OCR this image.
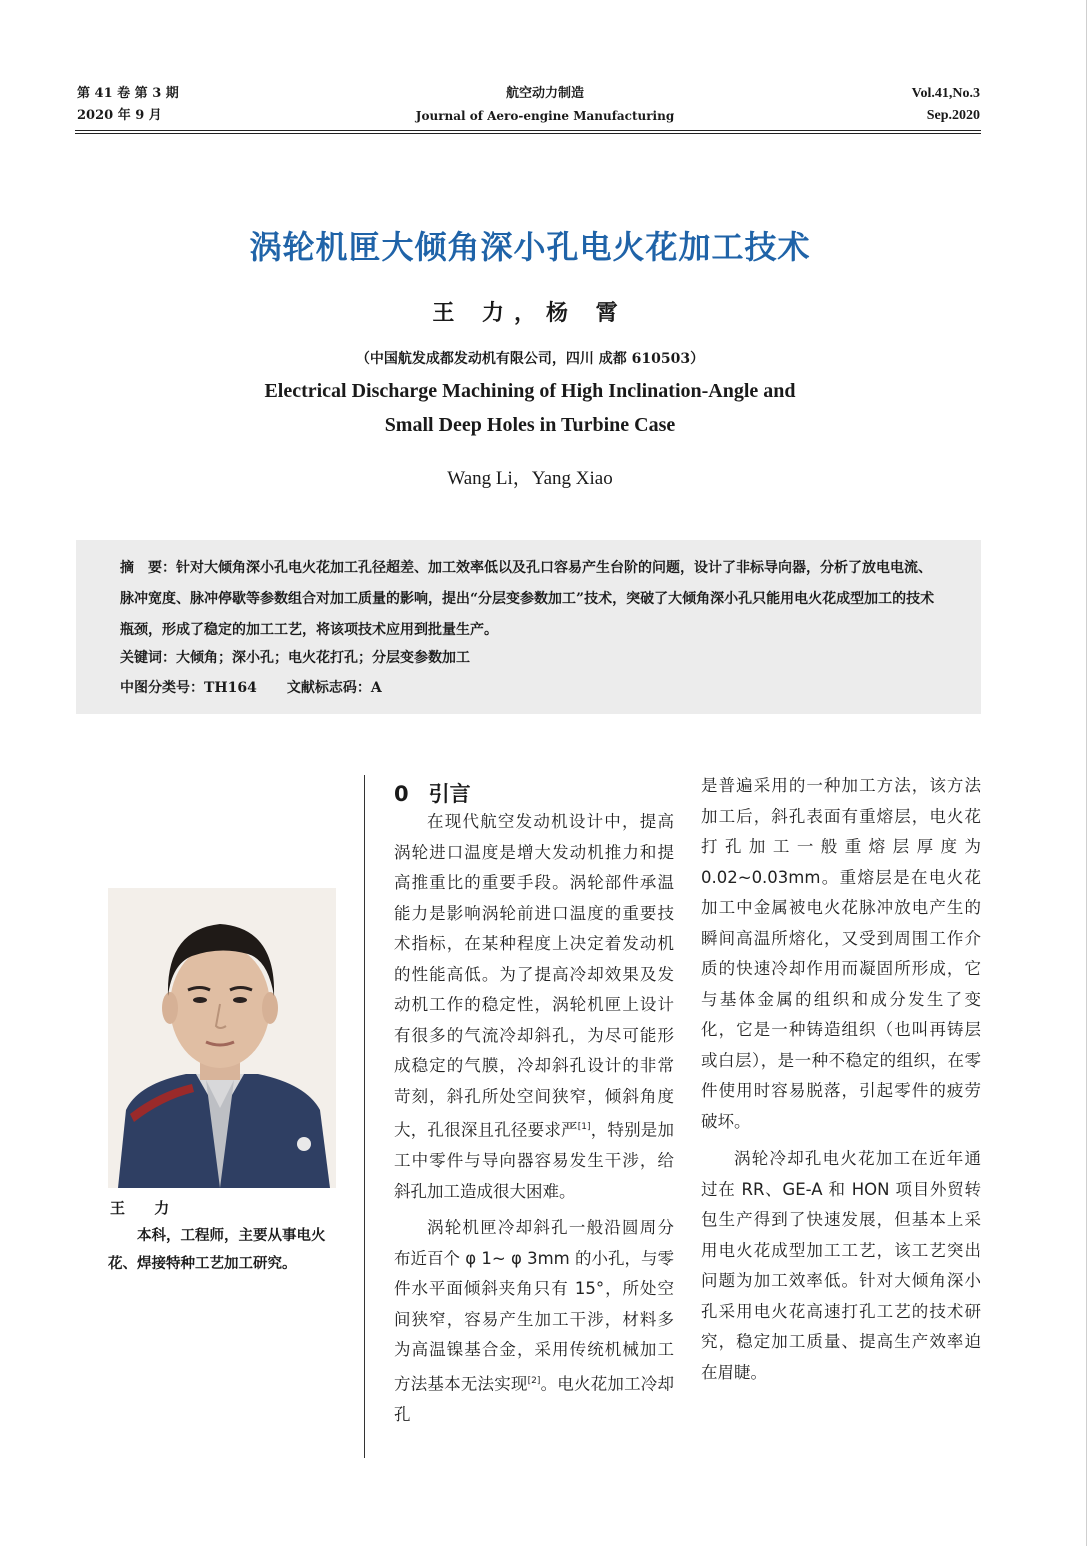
第 41 卷 第 3 期
2020 年 9 月
航空动力制造
Journal of Aero-engine Manufacturing
Vol.41,No.3
Sep.2020
涡轮机匣大倾角深小孔电火花加工技术
王 力，杨 霄
（中国航发成都发动机有限公司，四川 成都 610503）
Electrical Discharge Machining of High Inclination-Angle and
Small Deep Holes in Turbine Case
Wang Li，Yang Xiao
摘　要：针对大倾角深小孔电火花加工孔径超差、加工效率低以及孔口容易产生台阶的问题，设计了非标导向器，分析了放电电流、脉冲宽度、脉冲停歇等参数组合对加工质量的影响，提出“分层变参数加工”技术，突破了大倾角深小孔只能用电火花成型加工的技术瓶颈，形成了稳定的加工工艺，将该项技术应用到批量生产。
关键词：大倾角；深小孔；电火花打孔；分层变参数加工
中图分类号：TH164 文献标志码：A
王 力
本科，工程师，主要从事电火花、焊接特种工艺加工研究。
0 引言

在现代航空发动机设计中，提高涡轮进口温度是增大发动机推力和提高推重比的重要手段。涡轮部件承温能力是影响涡轮前进口温度的重要技术指标，在某种程度上决定着发动机的性能高低。为了提高冷却效果及发动机工作的稳定性，涡轮机匣上设计有很多的气流冷却斜孔，为尽可能形成稳定的气膜，冷却斜孔设计的非常苛刻，斜孔所处空间狭窄，倾斜角度大，孔很深且孔径要求严[1]，特别是加工中零件与导向器容易发生干涉，给斜孔加工造成很大困难。

涡轮机匣冷却斜孔一般沿圆周分布近百个 φ 1~ φ 3mm 的小孔，与零件水平面倾斜夹角只有 15°，所处空间狭窄，容易产生加工干涉，材料多为高温镍基合金，采用传统机械加工方法基本无法实现[2]。电火花加工冷却孔

是普遍采用的一种加工方法，该方法加工后，斜孔表面有重熔层，电火花打孔加工一般重熔层厚度为 0.02~0.03mm。重熔层是在电火花加工中金属被电火花脉冲放电产生的瞬间高温所熔化，又受到周围工作介质的快速冷却作用而凝固所形成，它与基体金属的组织和成分发生了变化，它是一种铸造组织（也叫再铸层或白层），是一种不稳定的组织，在零件使用时容易脱落，引起零件的疲劳破坏。

涡轮冷却孔电火花加工在近年通过在 RR、GE-A 和 HON 项目外贸转包生产得到了快速发展，但基本上采用电火花成型加工工艺，该工艺突出问题为加工效率低。针对大倾角深小孔采用电火花高速打孔工艺的技术研究，稳定加工质量、提高生产效率迫在眉睫。
